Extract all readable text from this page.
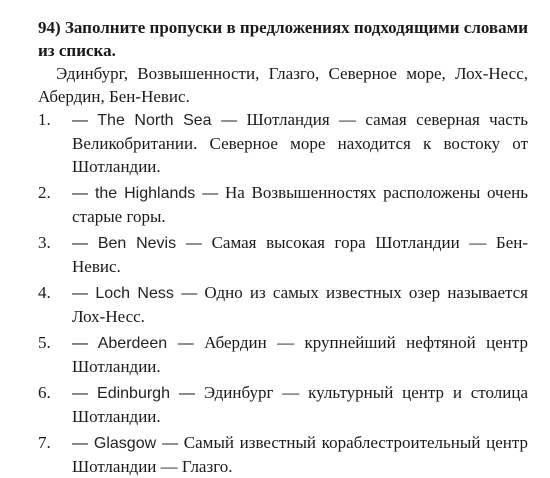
94) Заполните пропуски в предложениях подходящими словами из списка.

Эдинбург, Возвышенности, Глазго, Северное море, Лох-Несс, Абердин, Бен-Невис.

1.	— The North Sea — Шотландия — самая северная часть Великобритании. Северное море находится к востоку от Шотландии.
2.	— the Highlands — На Возвышенностях расположены очень старые горы.
3.	— Ben Nevis — Самая высокая гора Шотландии — Бен-Невис.
4.	— Loch Ness — Одно из самых известных озер называется Лох-Несс.
5.	— Aberdeen — Абердин — крупнейший нефтяной центр Шотландии.
6.	— Edinburgh — Эдинбург — культурный центр и столица Шотландии.
7.	— Glasgow — Самый известный кораблестроительный центр Шотландии — Глазго.
